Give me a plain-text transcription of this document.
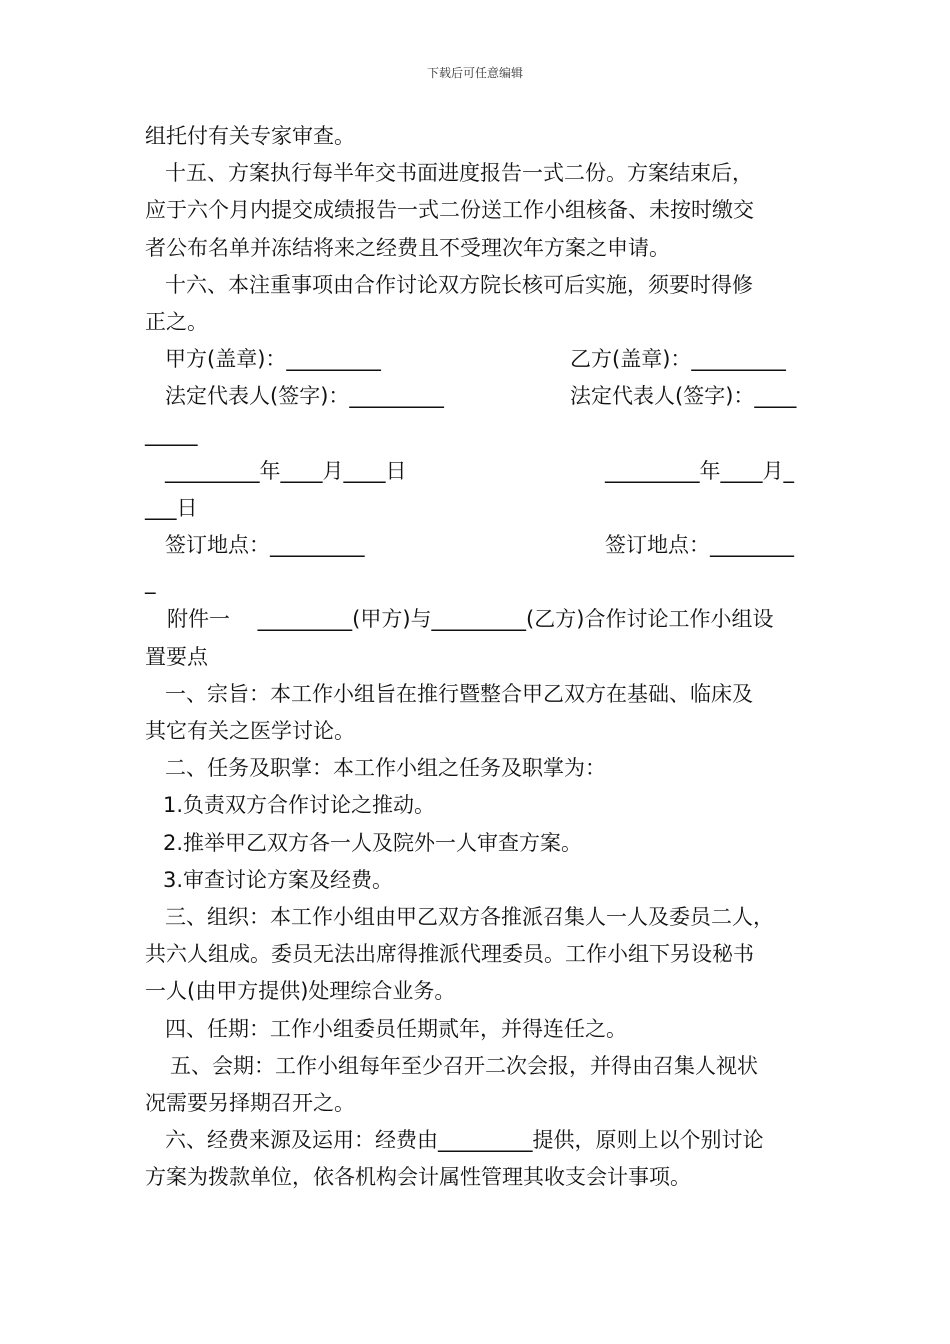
下载后可任意编辑
组托付有关专家审查。
十五、方案执行每半年交书面进度报告一式二份。方案结束后，
应于六个月内提交成绩报告一式二份送工作小组核备、未按时缴交
者公布名单并冻结将来之经费且不受理次年方案之申请。
十六、本注重事项由合作讨论双方院长核可后实施，须要时得修
正之。
甲方(盖章)：_________	乙方(盖章)：_________
法定代表人(签字)：_________	法定代表人(签字)：____
_____
_________年____月____日	_________年____月_
___日
签订地点：_________	签订地点：________
_
附件一　 _________(甲方)与_________(乙方)合作讨论工作小组设
置要点
一、宗旨：本工作小组旨在推行暨整合甲乙双方在基础、临床及
其它有关之医学讨论。
二、任务及职掌：本工作小组之任务及职掌为：
1.负责双方合作讨论之推动。
2.推举甲乙双方各一人及院外一人审查方案。
3.审查讨论方案及经费。
三、组织：本工作小组由甲乙双方各推派召集人一人及委员二人，
共六人组成。委员无法出席得推派代理委员。工作小组下另设秘书
一人(由甲方提供)处理综合业务。
四、任期：工作小组委员任期贰年，并得连任之。
五、会期：工作小组每年至少召开二次会报，并得由召集人视状
况需要另择期召开之。
六、经费来源及运用：经费由_________提供，原则上以个别讨论
方案为拨款单位，依各机构会计属性管理其收支会计事项。
